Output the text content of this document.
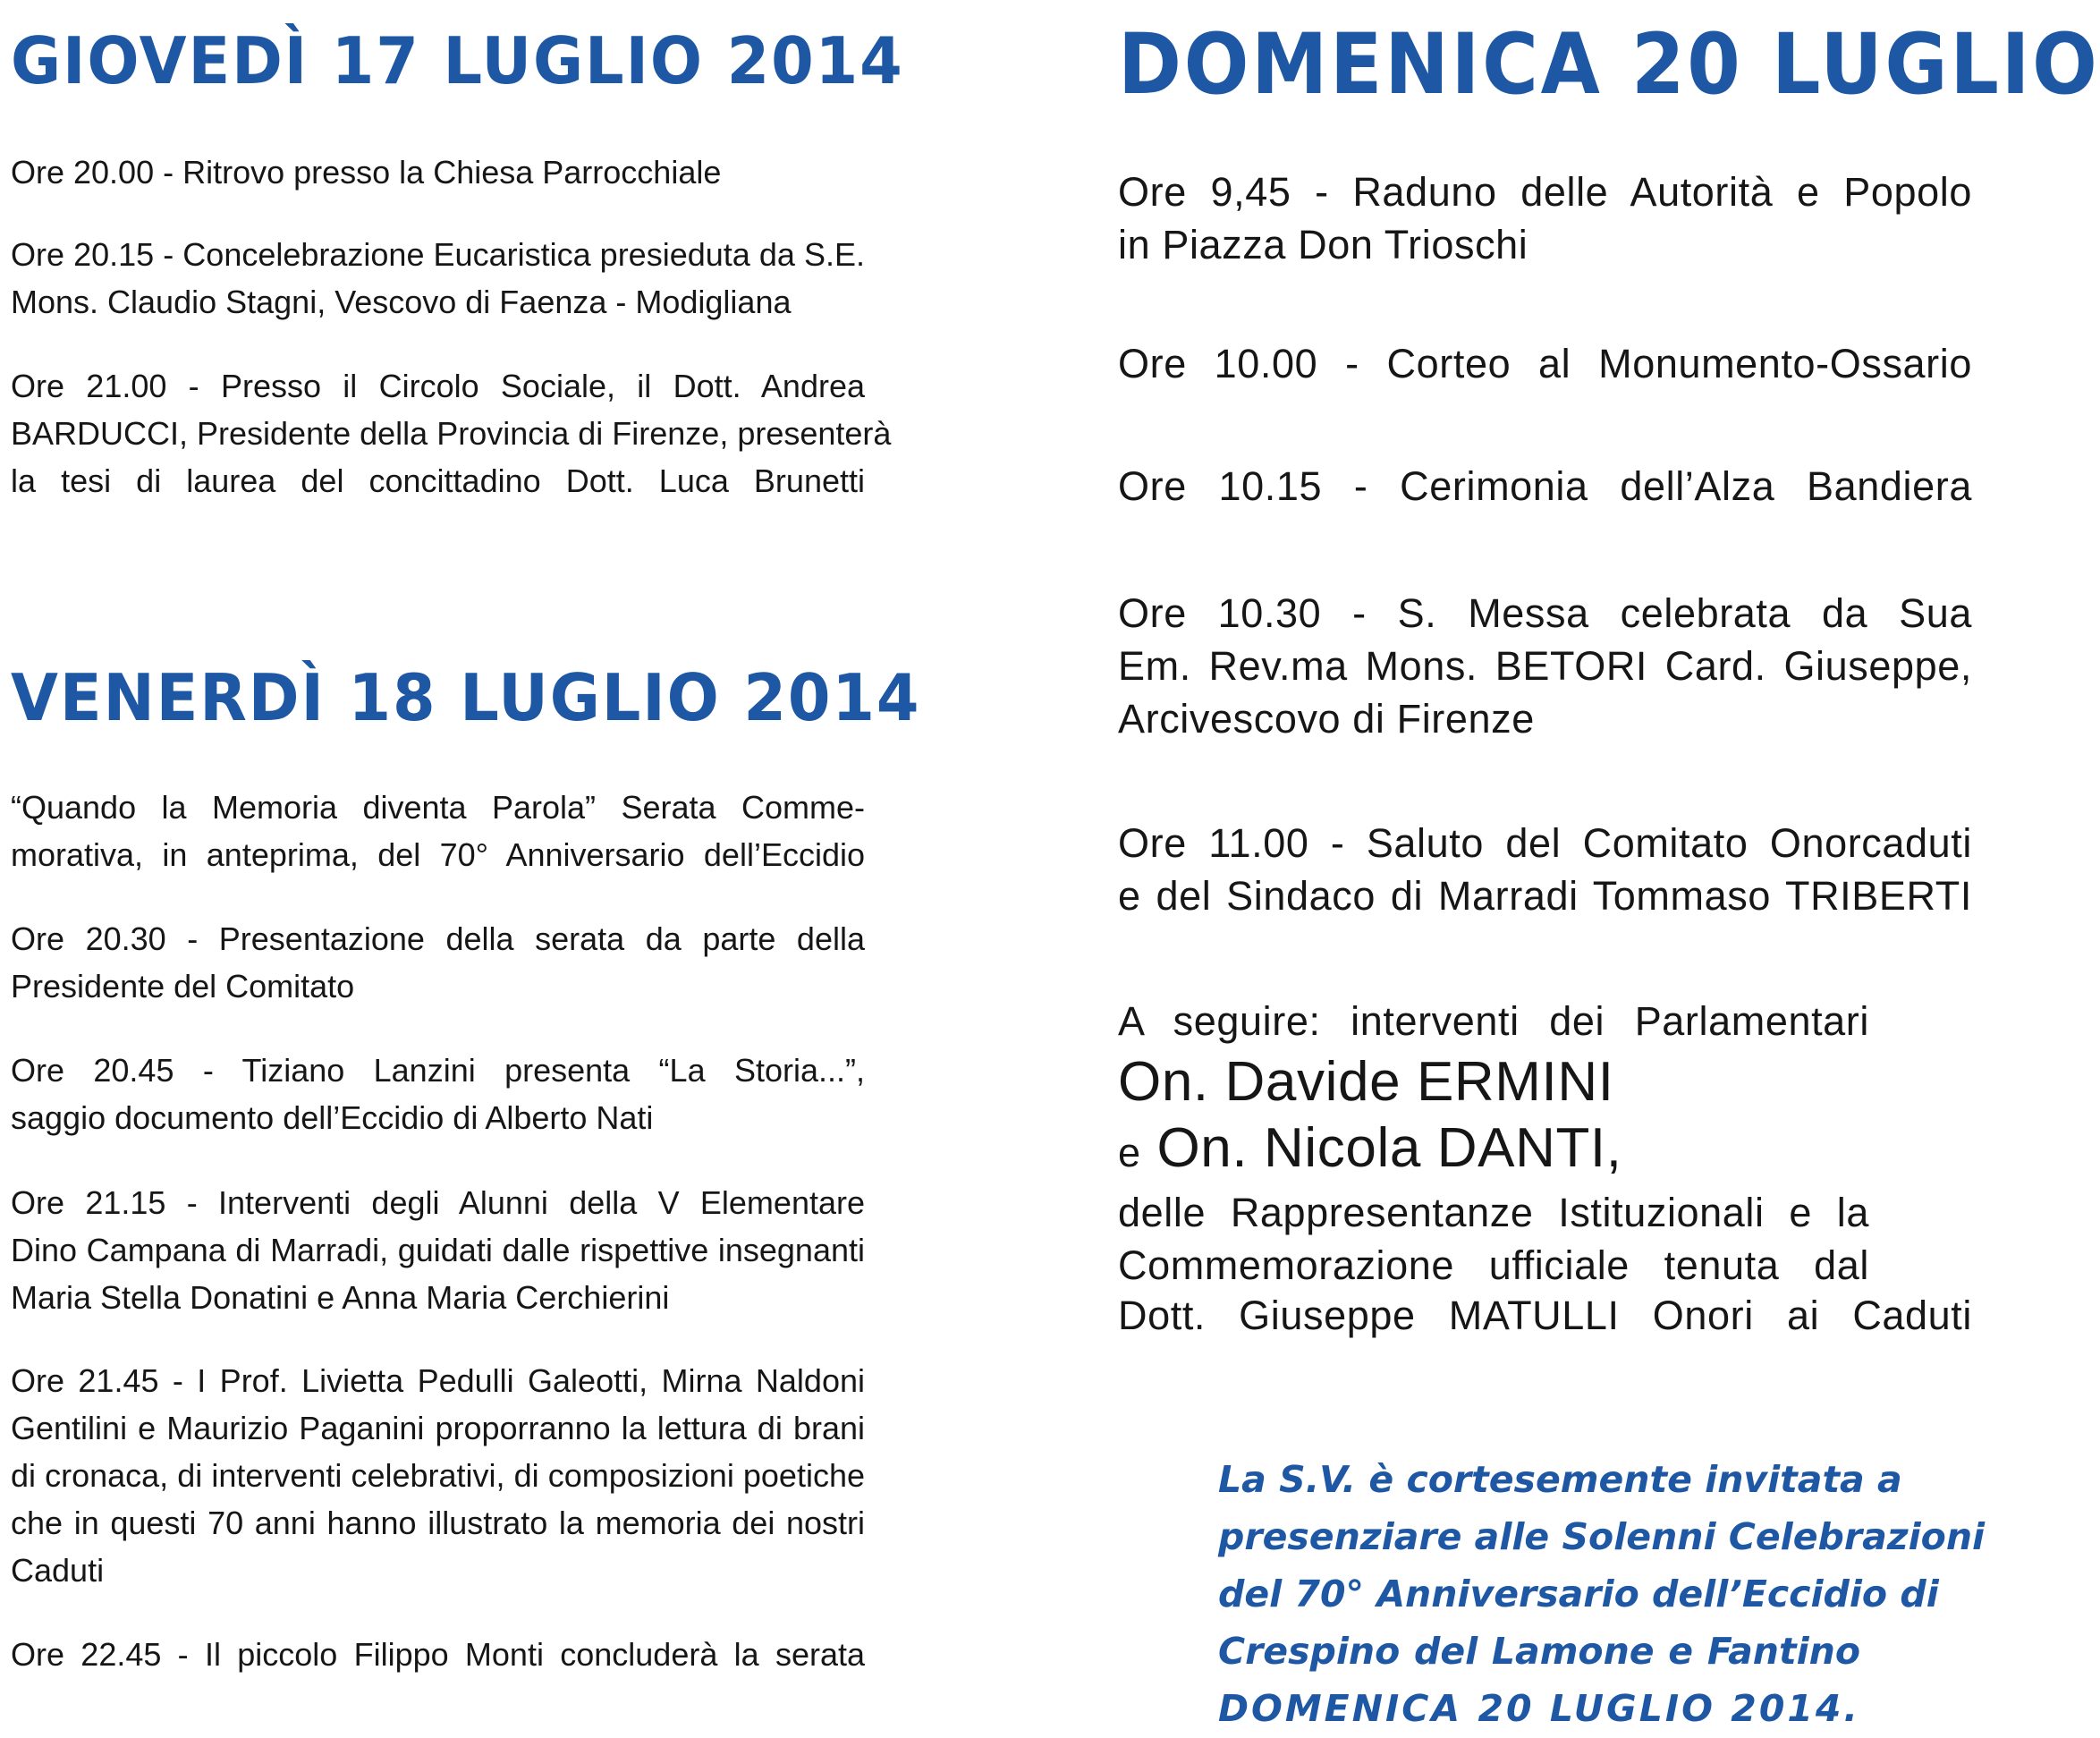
GIOVEDÌ 17 LUGLIO 2014

Ore 20.00 - Ritrovo presso la Chiesa Parrocchiale

Ore 20.15 - Concelebrazione Eucaristica presieduta da S.E.
Mons. Claudio Stagni, Vescovo di Faenza - Modigliana

Ore 21.00 - Presso il Circolo Sociale, il Dott. Andrea
BARDUCCI, Presidente della Provincia di Firenze, presenterà
la tesi di laurea del concittadino Dott. Luca Brunetti

VENERDÌ 18 LUGLIO 2014

“Quando la Memoria diventa Parola” Serata Comme-
morativa, in anteprima, del 70° Anniversario dell’Eccidio

Ore 20.30 - Presentazione della serata da parte della
Presidente del Comitato

Ore 20.45 - Tiziano Lanzini presenta “La Storia...”,
saggio documento dell’Eccidio di Alberto Nati

Ore 21.15 - Interventi degli Alunni della V Elementare
Dino Campana di Marradi, guidati dalle rispettive insegnanti
Maria Stella Donatini e Anna Maria Cerchierini

Ore 21.45 - I Prof. Livietta Pedulli Galeotti, Mirna Naldoni
Gentilini e Maurizio Paganini proporranno la lettura di brani
di cronaca, di interventi celebrativi, di composizioni poetiche
che in questi 70 anni hanno illustrato la memoria dei nostri
Caduti

Ore 22.45 - Il piccolo Filippo Monti concluderà la serata

DOMENICA 20 LUGLIO

Ore 9,45 - Raduno delle Autorità e Popolo
in Piazza Don Trioschi

Ore 10.00 - Corteo al Monumento-Ossario

Ore 10.15 - Cerimonia dell’Alza Bandiera

Ore 10.30 - S. Messa celebrata da Sua
Em. Rev.ma Mons. BETORI Card. Giuseppe,
Arcivescovo di Firenze

Ore 11.00 - Saluto del Comitato Onorcaduti
e del Sindaco di Marradi Tommaso TRIBERTI

A seguire: interventi dei Parlamentari
On. Davide ERMINI
e On. Nicola DANTI,
delle Rappresentanze Istituzionali e la
Commemorazione ufficiale tenuta dal

Dott. Giuseppe MATULLI Onori ai Caduti

La S.V. è cortesemente invitata a
presenziare alle Solenni Celebrazioni
del 70° Anniversario dell’Eccidio di
Crespino del Lamone e Fantino
DOMENICA 20 LUGLIO 2014.
